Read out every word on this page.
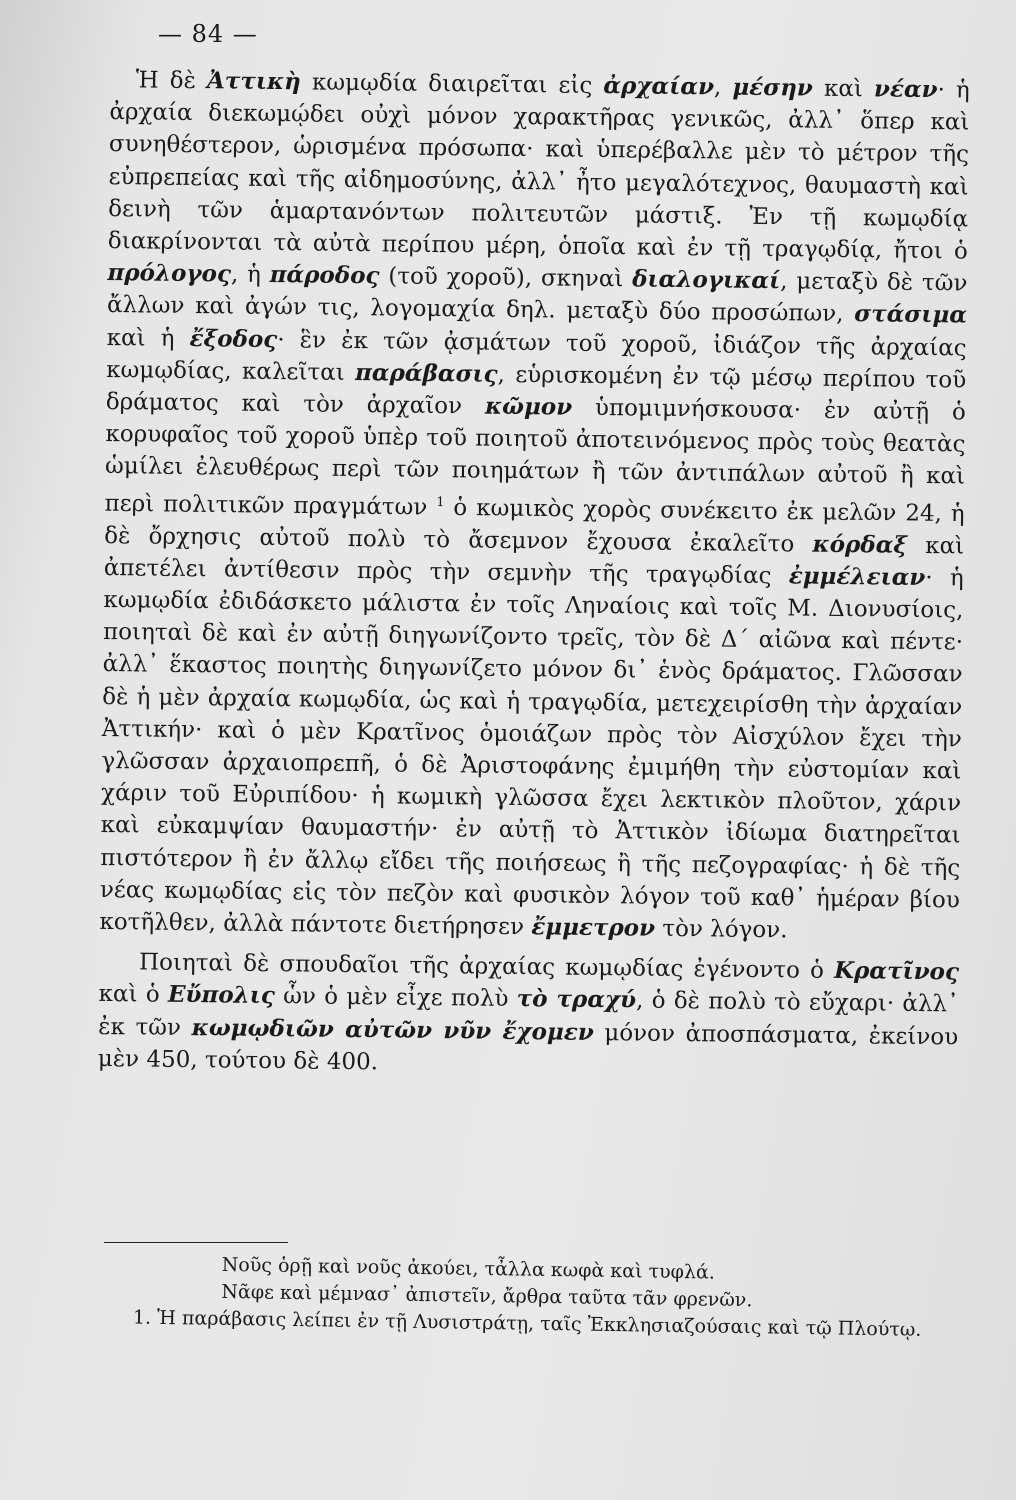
— 84 —

Ἡ δὲ Ἀττικὴ κωμῳδία διαιρεῖται εἰς ἀρχαίαν, μέσην καὶ νέαν· ἡ ἀρχαία διεκωμῴδει οὐχὶ μόνον χαρακτῆρας γενικῶς, ἀλλ᾿ ὅπερ καὶ συνηθέστερον, ὡρισμένα πρόσωπα· καὶ ὑπερέβαλλε μὲν τὸ μέτρον τῆς εὐπρεπείας καὶ τῆς αἰδημοσύνης, ἀλλ᾿ ἦτο μεγαλότεχνος, θαυμαστὴ καὶ δεινὴ τῶν ἁμαρτανόντων πολιτευτῶν μάστιξ. Ἐν τῇ κωμῳδίᾳ διακρίνονται τὰ αὐτὰ περίπου μέρη, ὁποῖα καὶ ἐν τῇ τραγῳδίᾳ, ἤτοι ὁ πρόλογος, ἡ πάροδος (τοῦ χοροῦ), σκηναὶ διαλογικαί, μεταξὺ δὲ τῶν ἄλλων καὶ ἀγών τις, λογομαχία δηλ. μεταξὺ δύο προσώπων, στάσιμα καὶ ἡ ἔξοδος· ἓν ἐκ τῶν ᾀσμάτων τοῦ χοροῦ, ἰδιάζον τῆς ἀρχαίας κωμῳδίας, καλεῖται παράβασις, εὑρισκομένη ἐν τῷ μέσῳ περίπου τοῦ δράματος καὶ τὸν ἀρχαῖον κῶμον ὑπομιμνήσκουσα· ἐν αὐτῇ ὁ κορυφαῖος τοῦ χοροῦ ὑπὲρ τοῦ ποιητοῦ ἀποτεινόμενος πρὸς τοὺς θεατὰς ὡμίλει ἐλευθέρως περὶ τῶν ποιημάτων ἢ τῶν ἀντιπάλων αὐτοῦ ἢ καὶ περὶ πολιτικῶν πραγμάτων $^1$ ὁ κωμικὸς χορὸς συνέκειτο ἐκ μελῶν 24, ἡ δὲ ὄρχησις αὐτοῦ πολὺ τὸ ἄσεμνον ἔχουσα ἐκαλεῖτο κόρδαξ καὶ ἀπετέλει ἀντίθεσιν πρὸς τὴν σεμνὴν τῆς τραγῳδίας ἐμμέλειαν· ἡ κωμῳδία ἐδιδάσκετο μάλιστα ἐν τοῖς Ληναίοις καὶ τοῖς Μ. Διονυσίοις, ποιηταὶ δὲ καὶ ἐν αὐτῇ διηγωνίζοντο τρεῖς, τὸν δὲ Δ΄ αἰῶνα καὶ πέντε· ἀλλ᾿ ἕκαστος ποιητὴς διηγωνίζετο μόνον δι᾿ ἑνὸς δράματος. Γλῶσσαν δὲ ἡ μὲν ἀρχαία κωμῳδία, ὡς καὶ ἡ τραγῳδία, μετεχειρίσθη τὴν ἀρχαίαν Ἀττικήν· καὶ ὁ μὲν Κρατῖνος ὁμοιάζων πρὸς τὸν Αἰσχύλον ἔχει τὴν γλῶσσαν ἀρχαιοπρεπῆ, ὁ δὲ Ἀριστοφάνης ἐμιμήθη τὴν εὐστομίαν καὶ χάριν τοῦ Εὐριπίδου· ἡ κωμικὴ γλῶσσα ἔχει λεκτικὸν πλοῦτον, χάριν καὶ εὐκαμψίαν θαυμαστήν· ἐν αὐτῇ τὸ Ἀττικὸν ἰδίωμα διατηρεῖται πιστότερον ἢ ἐν ἄλλῳ εἴδει τῆς ποιήσεως ἢ τῆς πεζογραφίας· ἡ δὲ τῆς νέας κωμῳδίας εἰς τὸν πεζὸν καὶ φυσικὸν λόγον τοῦ καθ᾿ ἡμέραν βίου κοτῆλθεν, ἀλλὰ πάντοτε διετήρησεν ἔμμετρον τὸν λόγον.

Ποιηταὶ δὲ σπουδαῖοι τῆς ἀρχαίας κωμῳδίας ἐγένοντο ὁ Κρατῖνος καὶ ὁ Εὔπολις ὧν ὁ μὲν εἶχε πολὺ τὸ τραχύ, ὁ δὲ πολὺ τὸ εὔχαρι· ἀλλ᾿ ἐκ τῶν κωμῳδιῶν αὐτῶν νῦν ἔχομεν μόνον ἀποσπάσματα, ἐκείνου μὲν 450, τούτου δὲ 400.

Νοῦς ὁρῇ καὶ νοῦς ἀκούει, τἆλλα κωφὰ καὶ τυφλά.
Νᾶφε καὶ μέμνασ᾿ ἀπιστεῖν, ἄρθρα ταῦτα τᾶν φρενῶν.
1. Ἡ παράβασις λείπει ἐν τῇ Λυσιστράτῃ, ταῖς Ἐκκλησιαζούσαις καὶ τῷ Πλούτῳ.
